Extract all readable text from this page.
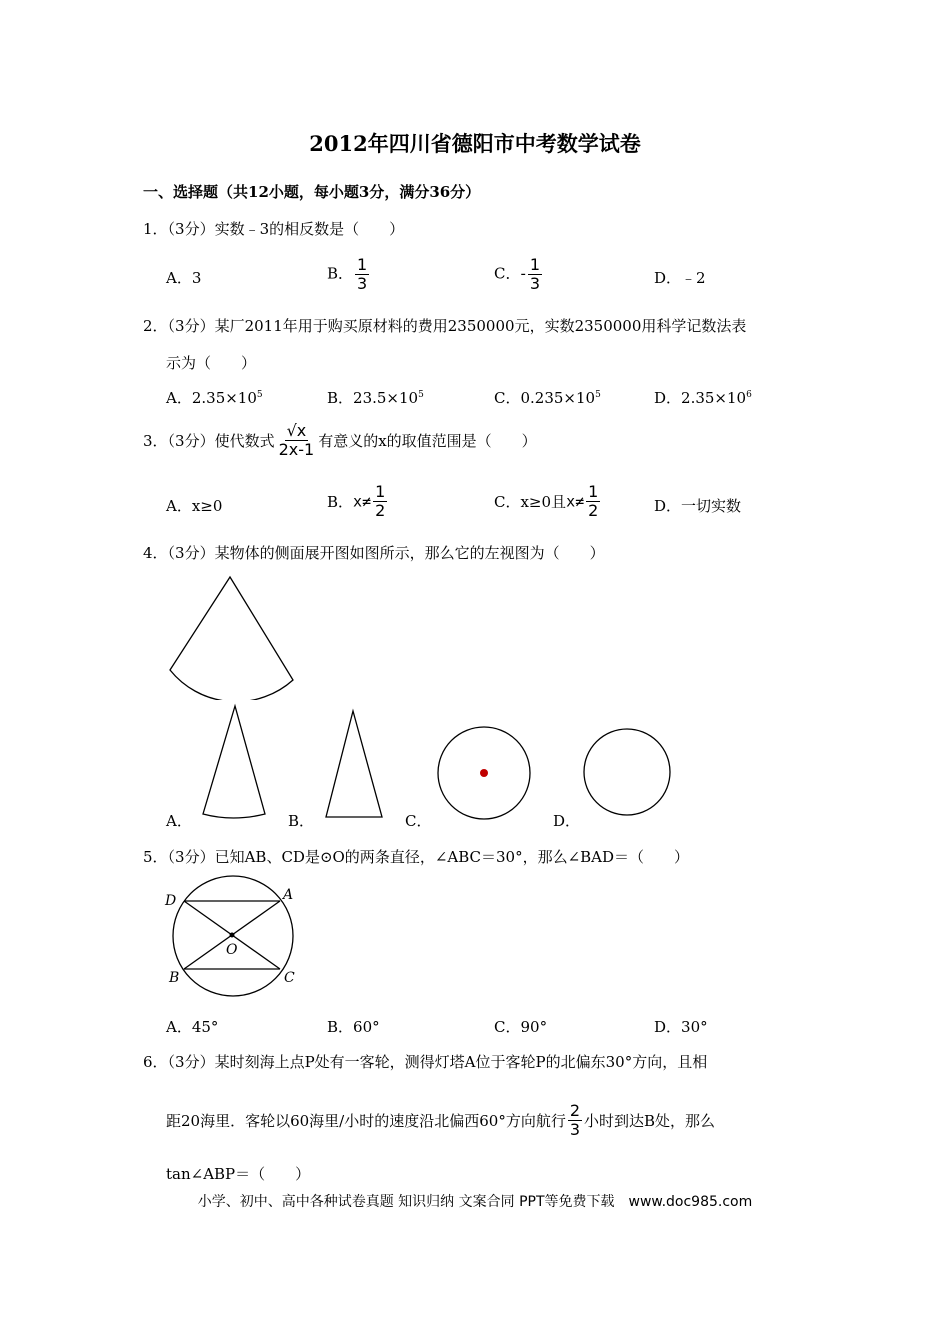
2012年四川省德阳市中考数学试卷
一、选择题（共12小题，每小题3分，满分36分）
1．（3分）实数﹣3的相反数是（　　）
A．3	B． $\frac{1}{3}$	C．- $\frac{1}{3}$	D．﹣2
2．（3分）某厂2011年用于购买原材料的费用2350000元，实数2350000用科学记数法表
示为（　　）
A．$2.35\times 10^5$	B．$23.5\times 10^5$	C．$0.235\times 10^5$	D．$2.35\times 10^6$
3．（3分）使代数式 $\frac{√x}{2x-1}$ 有意义的x的取值范围是（　　）
A．x≥0	B．$x\ne \frac{1}{2}$	C．x≥0且$x\ne \frac{1}{2}$	D．一切实数
4．（3分）某物体的侧面展开图如图所示，那么它的左视图为（　　）
A．	B．	C．	D．
5．（3分）已知AB、CD是⊙O的两条直径，∠ABC＝30°，那么∠BAD＝（　　）
D	A
O
B	C
A．45°	B．60°	C．90°	D．30°
6．（3分）某时刻海上点P处有一客轮，测得灯塔A位于客轮P的北偏东30°方向，且相
距20海里．客轮以60海里/小时的速度沿北偏西60°方向航行 $\frac{2}{3}$ 小时到达B处，那么
tan∠ABP＝（　　）
小学、初中、高中各种试卷真题 知识归纳 文案合同 PPT等免费下载　www.doc985.com
